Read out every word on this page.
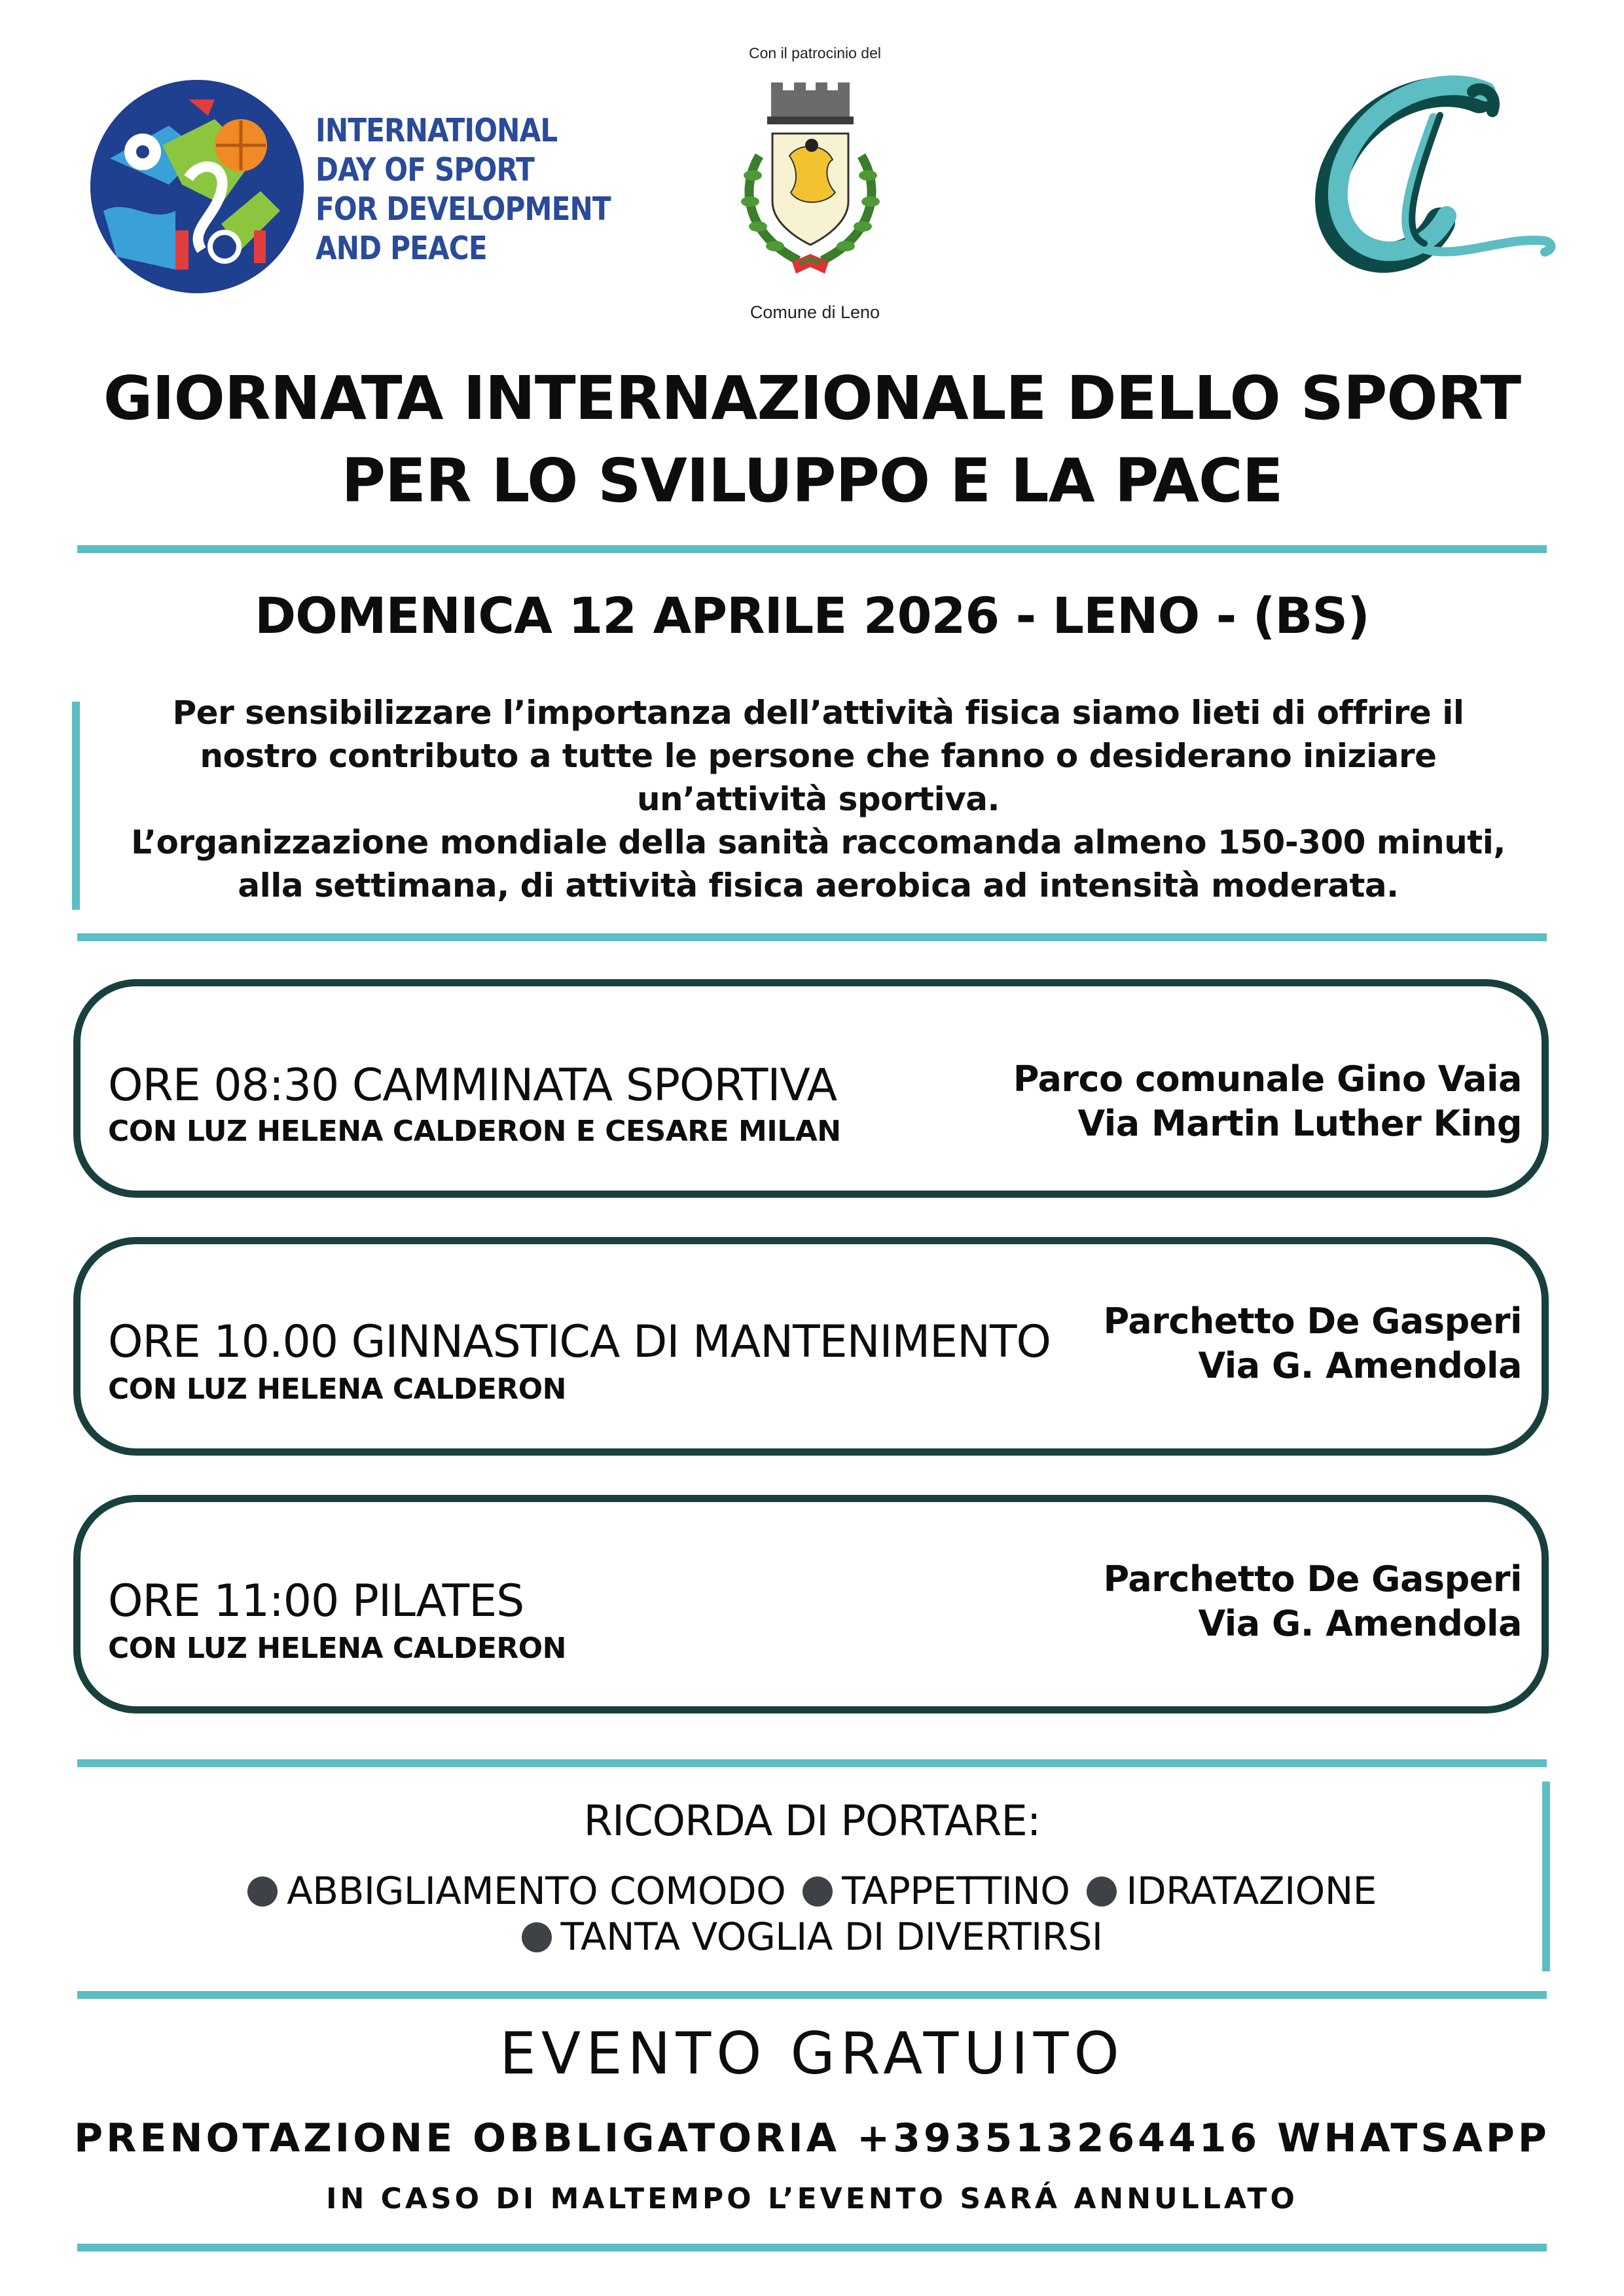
INTERNATIONAL
DAY OF SPORT
FOR DEVELOPMENT
AND PEACE
Con il patrocinio del
Comune di Leno
GIORNATA INTERNAZIONALE DELLO SPORT
PER LO SVILUPPO E LA PACE
DOMENICA 12 APRILE 2026 - LENO - (BS)
Per sensibilizzare l’importanza dell’attività fisica siamo lieti di offrire il
nostro contributo a tutte le persone che fanno o desiderano iniziare
un’attività sportiva.
L’organizzazione mondiale della sanità raccomanda almeno 150-300 minuti,
alla settimana, di attività fisica aerobica ad intensità moderata.
ORE 08:30 CAMMINATA SPORTIVA
CON LUZ HELENA CALDERON E CESARE MILAN
Parco comunale Gino Vaia
Via Martin Luther King
ORE 10.00 GINNASTICA DI MANTENIMENTO
CON LUZ HELENA CALDERON
Parchetto De Gasperi
Via G. Amendola
ORE 11:00 PILATES
CON LUZ HELENA CALDERON
Parchetto De Gasperi
Via G. Amendola
RICORDA DI PORTARE:
ABBIGLIAMENTO COMODO TAPPETTINO IDRATAZIONE
TANTA VOGLIA DI DIVERTIRSI
EVENTO GRATUITO
PRENOTAZIONE OBBLIGATORIA +393513264416 WHATSAPP
IN CASO DI MALTEMPO L’EVENTO SARÁ ANNULLATO
